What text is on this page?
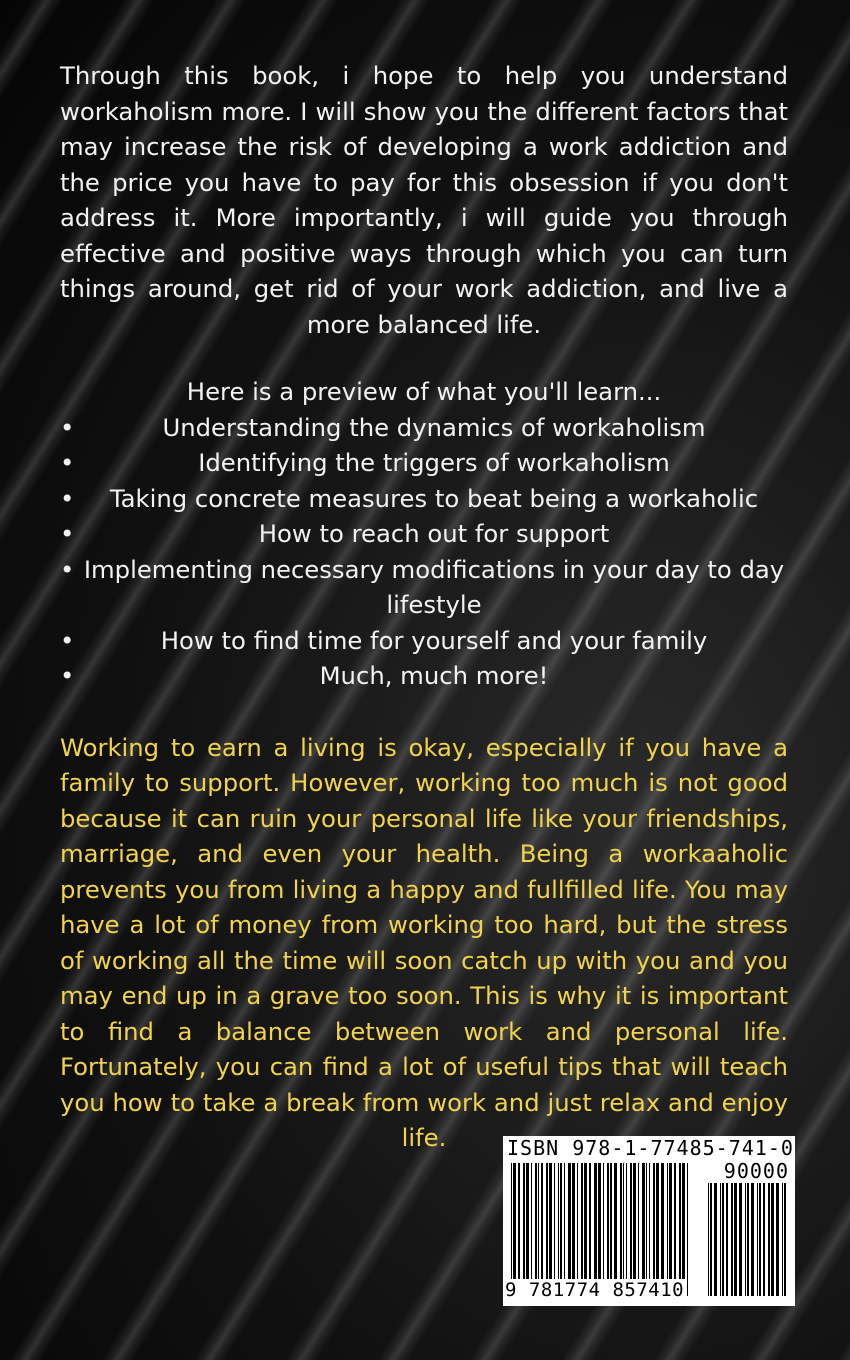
Through this book, i hope to help you understand workaholism more. I will show you the different factors that may increase the risk of developing a work addiction and the price you have to pay for this obsession if you don't address it. More importantly, i will guide you through effective and positive ways through which you can turn things around, get rid of your work addiction, and live a more balanced life.

Here is a preview of what you'll learn...
•	Understanding the dynamics of workaholism
•	Identifying the triggers of workaholism
•	Taking concrete measures to beat being a workaholic
•	How to reach out for support
• Implementing necessary modifications in your day to day lifestyle
•	How to find time for yourself and your family
•	Much, much more!

Working to earn a living is okay, especially if you have a family to support. However, working too much is not good because it can ruin your personal life like your friendships, marriage, and even your health. Being a workaaholic prevents you from living a happy and fullfilled life. You may have a lot of money from working too hard, but the stress of working all the time will soon catch up with you and you may end up in a grave too soon. This is why it is important to find a balance between work and personal life. Fortunately, you can find a lot of useful tips that will teach you how to take a break from work and just relax and enjoy life.	ISBN 978-1-77485-741-0
90000
9 781774 857410
